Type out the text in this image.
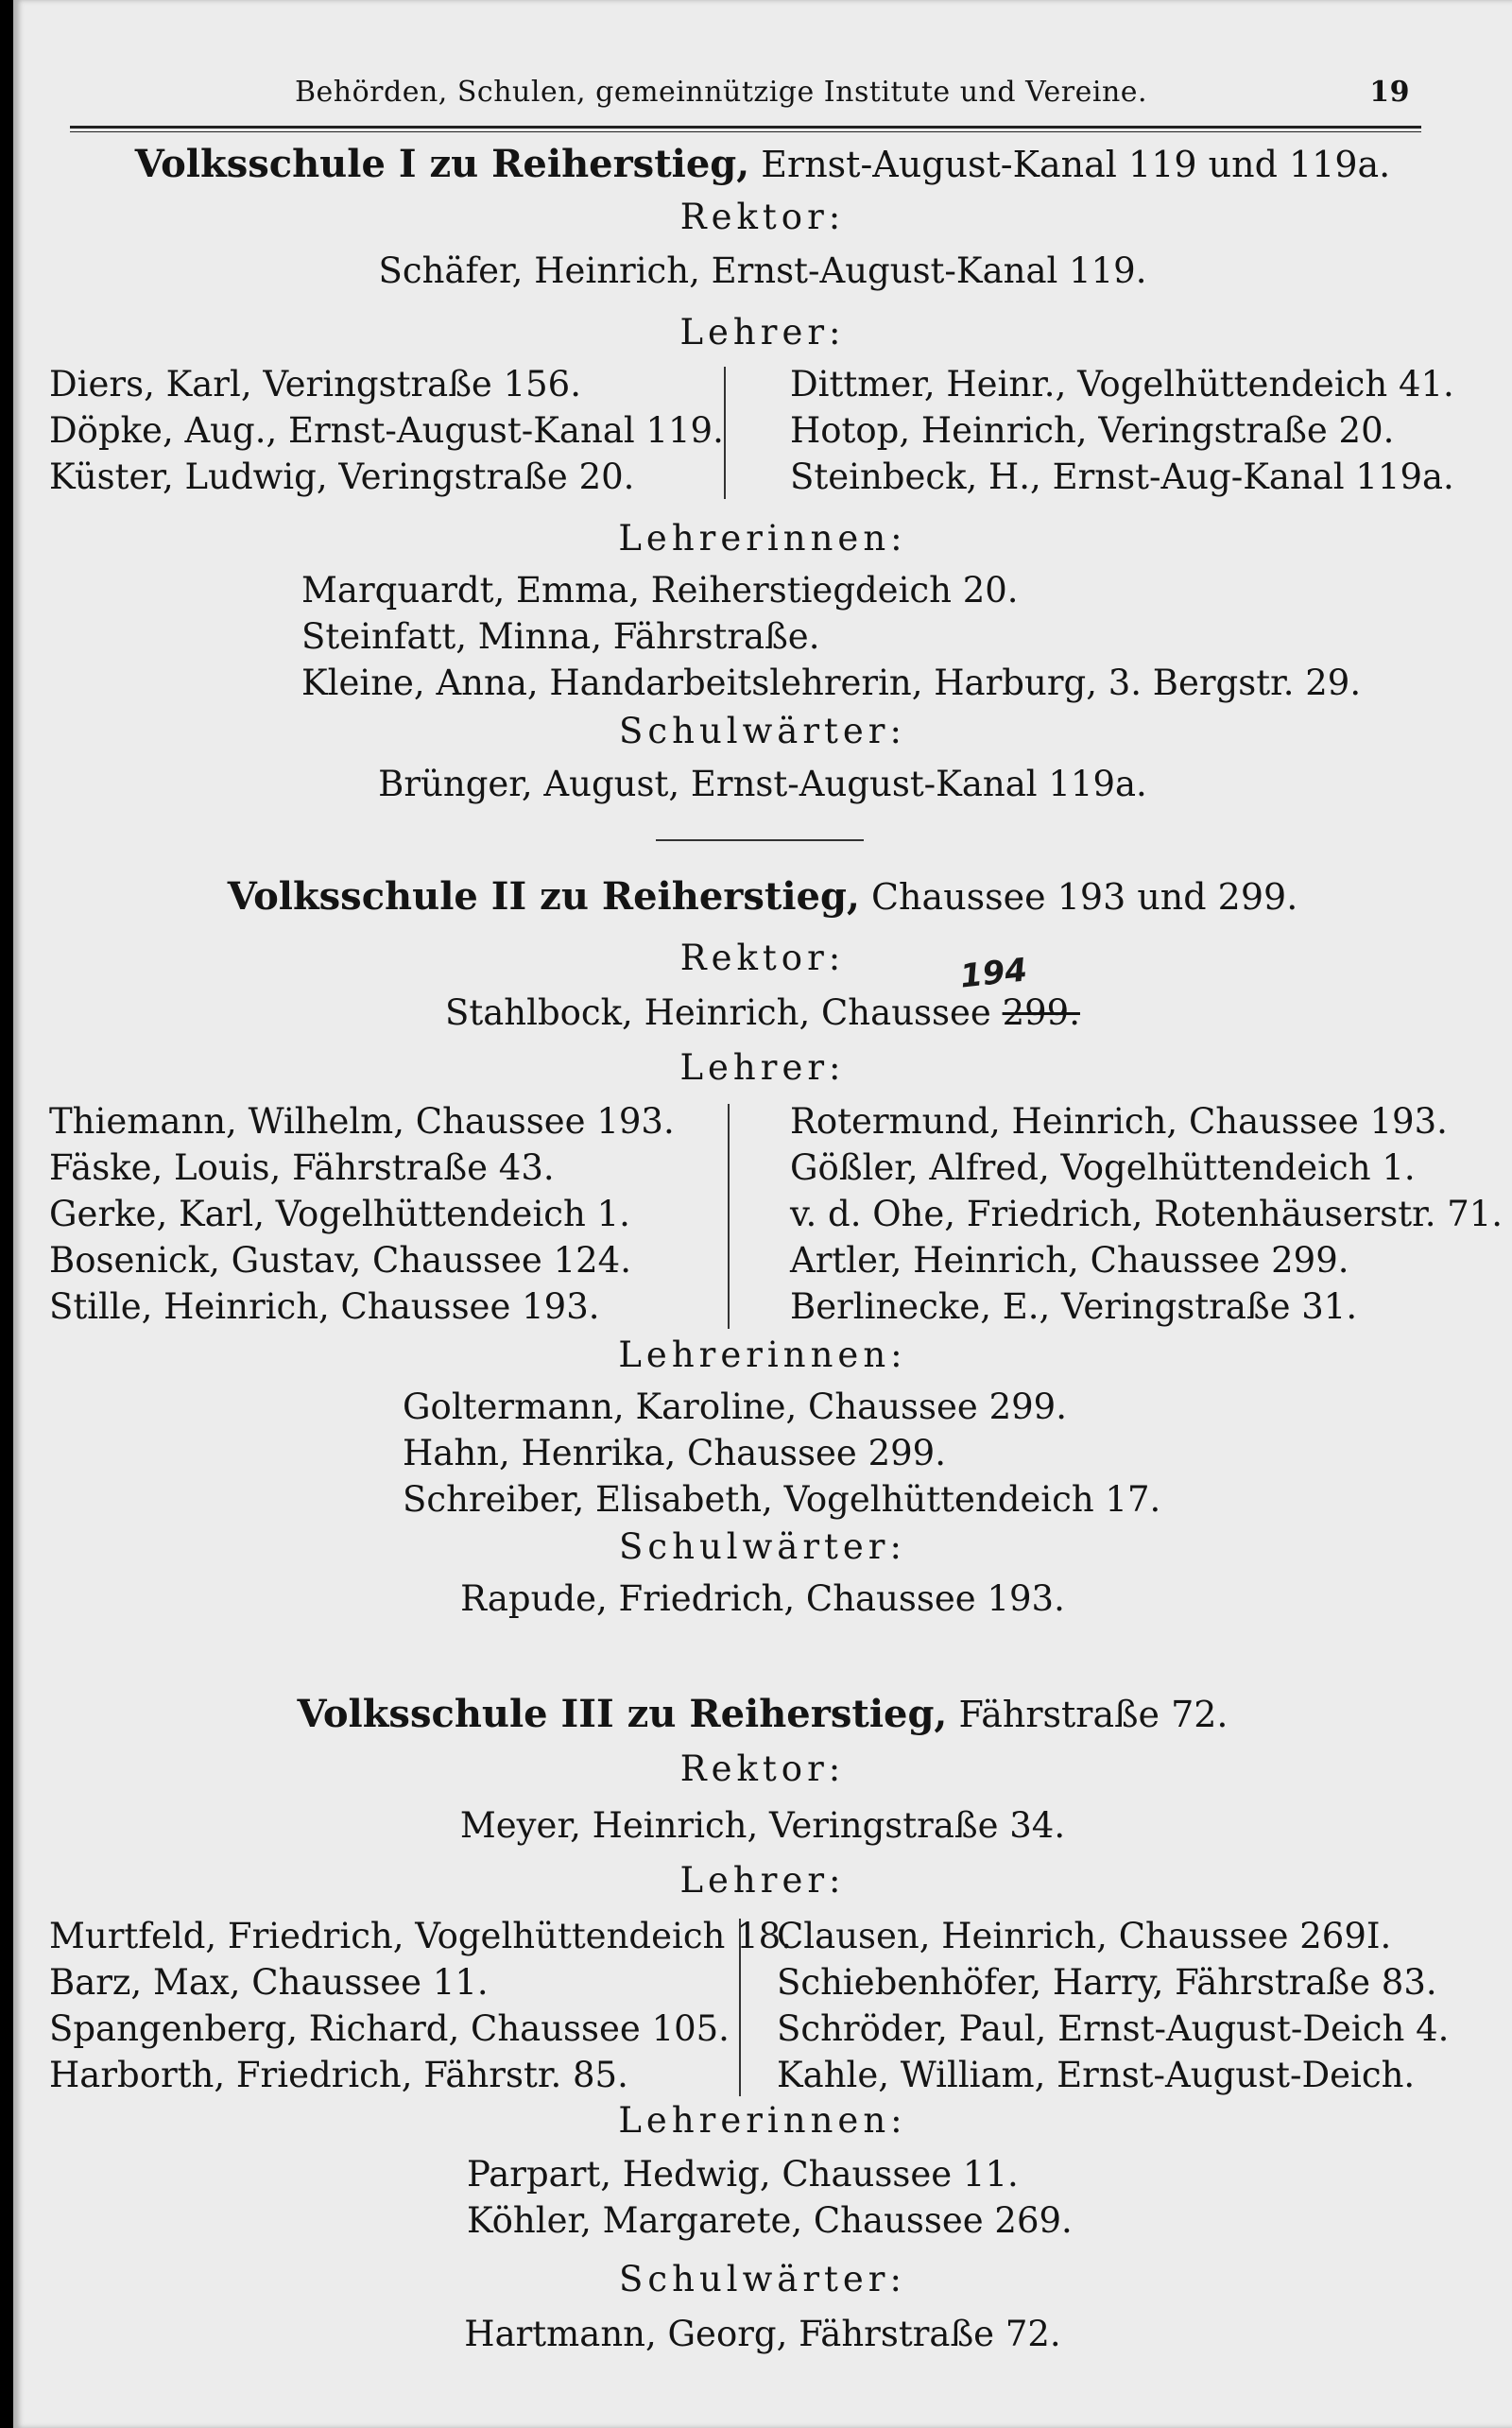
Behörden, Schulen, gemeinnützige Institute und Vereine.	19
Volksschule I zu Reiherstieg, Ernst-August-Kanal 119 und 119a.
Rektor:
Schäfer, Heinrich, Ernst-August-Kanal 119.
Lehrer:
Diers, Karl, Veringstraße 156.
Döpke, Aug., Ernst-August-Kanal 119.
Küster, Ludwig, Veringstraße 20.
Dittmer, Heinr., Vogelhüttendeich 41.
Hotop, Heinrich, Veringstraße 20.
Steinbeck, H., Ernst-Aug-Kanal 119a.
Lehrerinnen:
Marquardt, Emma, Reiherstiegdeich 20.
Steinfatt, Minna, Fährstraße.
Kleine, Anna, Handarbeitslehrerin, Harburg, 3. Bergstr. 29.
Schulwärter:
Brünger, August, Ernst-August-Kanal 119a.
Volksschule II zu Reiherstieg, Chaussee 193 und 299.
Rektor:
Stahlbock, Heinrich, Chaussee 299.
194
Lehrer:
Thiemann, Wilhelm, Chaussee 193.
Fäske, Louis, Fährstraße 43.
Gerke, Karl, Vogelhüttendeich 1.
Bosenick, Gustav, Chaussee 124.
Stille, Heinrich, Chaussee 193.
Rotermund, Heinrich, Chaussee 193.
Gößler, Alfred, Vogelhüttendeich 1.
v. d. Ohe, Friedrich, Rotenhäuserstr. 71.
Artler, Heinrich, Chaussee 299.
Berlinecke, E., Veringstraße 31.
Lehrerinnen:
Goltermann, Karoline, Chaussee 299.
Hahn, Henrika, Chaussee 299.
Schreiber, Elisabeth, Vogelhüttendeich 17.
Schulwärter:
Rapude, Friedrich, Chaussee 193.
Volksschule III zu Reiherstieg, Fährstraße 72.
Rektor:
Meyer, Heinrich, Veringstraße 34.
Lehrer:
Murtfeld, Friedrich, Vogelhüttendeich 18.
Barz, Max, Chaussee 11.
Spangenberg, Richard, Chaussee 105.
Harborth, Friedrich, Fährstr. 85.
Clausen, Heinrich, Chaussee 269I.
Schiebenhöfer, Harry, Fährstraße 83.
Schröder, Paul, Ernst-August-Deich 4.
Kahle, William, Ernst-August-Deich.
Lehrerinnen:
Parpart, Hedwig, Chaussee 11.
Köhler, Margarete, Chaussee 269.
Schulwärter:
Hartmann, Georg, Fährstraße 72.
